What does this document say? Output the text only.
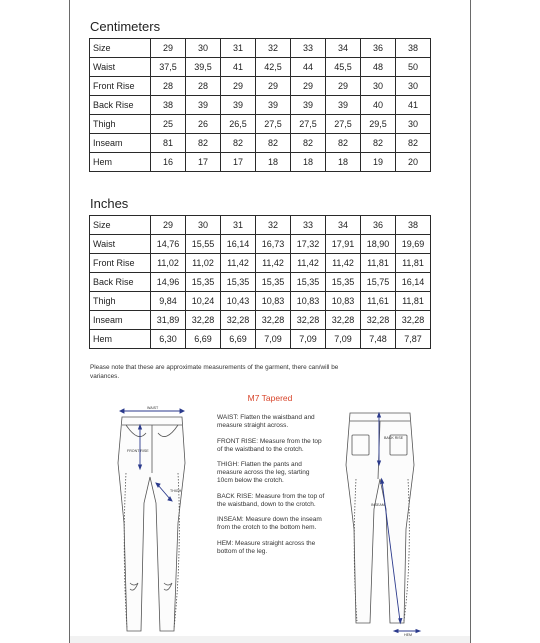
Centimeters
Size	29	30	31	32	33	34	36	38
Waist	37,5	39,5	41	42,5	44	45,5	48	50
Front Rise	28	28	29	29	29	29	30	30
Back Rise	38	39	39	39	39	39	40	41
Thigh	25	26	26,5	27,5	27,5	27,5	29,5	30
Inseam	81	82	82	82	82	82	82	82
Hem	16	17	17	18	18	18	19	20
Inches
Size	29	30	31	32	33	34	36	38
Waist	14,76	15,55	16,14	16,73	17,32	17,91	18,90	19,69
Front Rise	11,02	11,02	11,42	11,42	11,42	11,42	11,81	11,81
Back Rise	14,96	15,35	15,35	15,35	15,35	15,35	15,75	16,14
Thigh	9,84	10,24	10,43	10,83	10,83	10,83	11,61	11,81
Inseam	31,89	32,28	32,28	32,28	32,28	32,28	32,28	32,28
Hem	6,30	6,69	6,69	7,09	7,09	7,09	7,48	7,87
Please note that these are approximate measurements of the garment, there can/will be variances.
M7 Tapered

WAIST: Flatten the waistband and measure straight across.

FRONT RISE: Measure from the top of the waistband to the crotch.

THIGH: Flatten the pants and measure across the leg, starting 10cm below the crotch.

BACK RISE: Measure from the top of the waistband, down to the crotch.

INSEAM: Measure down the inseam from the crotch to the bottom hem.

HEM: Measure straight across the bottom of the leg.

WAIST
FRONT RISE
THIGH
BACK RISE
INSEAM
HEM
